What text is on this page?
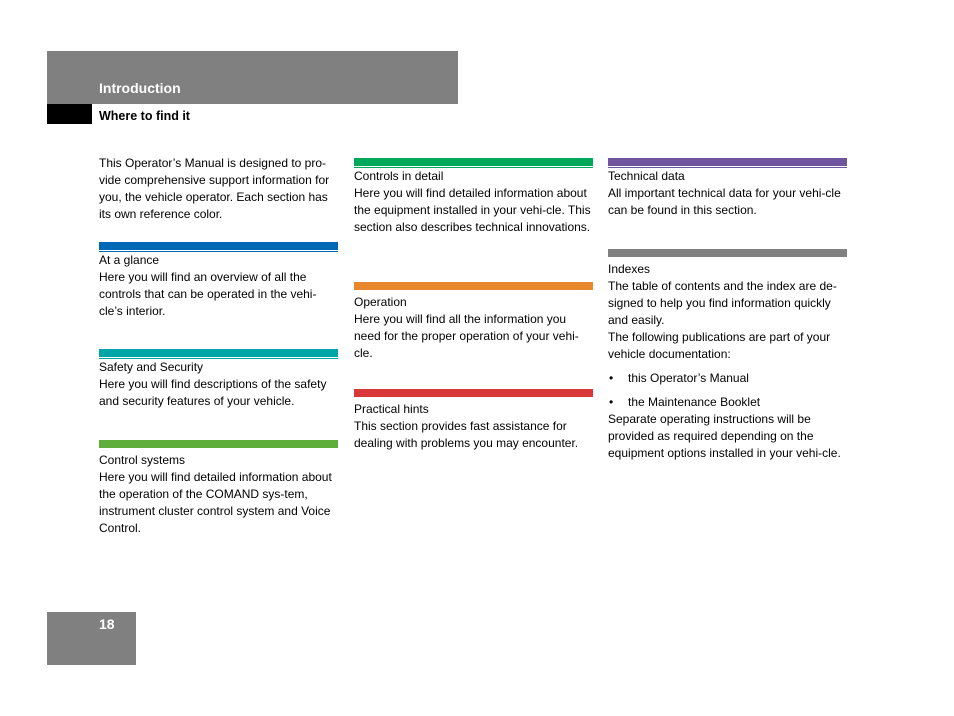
Introduction
Where to find it

This Operator’s Manual is designed to pro-vide comprehensive support information for you, the vehicle operator. Each section has its own reference color.

At a glance

Here you will find an overview of all the controls that can be operated in the vehi-cle’s interior.

Safety and Security

Here you will find descriptions of the safety and security features of your vehicle.

Control systems

Here you will find detailed information about the operation of the COMAND sys-tem, instrument cluster control system and Voice Control.

Controls in detail

Here you will find detailed information about the equipment installed in your vehi-cle. This section also describes technical innovations.

Operation

Here you will find all the information you need for the proper operation of your vehi-cle.

Practical hints

This section provides fast assistance for dealing with problems you may encounter.

Technical data

All important technical data for your vehi-cle can be found in this section.

Indexes

The table of contents and the index are de-signed to help you find information quickly and easily.

The following publications are part of your vehicle documentation:

• this Operator’s Manual
• the Maintenance Booklet

Separate operating instructions will be provided as required depending on the equipment options installed in your vehi-cle.

18
